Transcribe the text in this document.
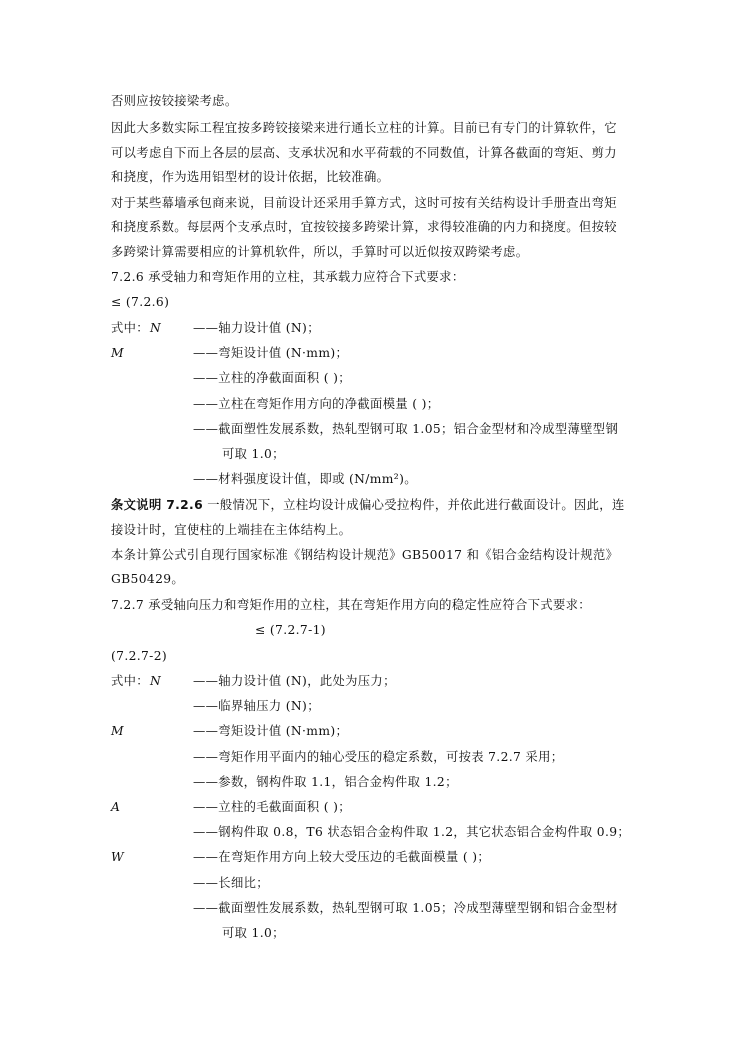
否则应按铰接梁考虑。
因此大多数实际工程宜按多跨铰接梁来进行通长立柱的计算。目前已有专门的计算软件，它
可以考虑自下而上各层的层高、支承状况和水平荷载的不同数值，计算各截面的弯矩、剪力
和挠度，作为选用铝型材的设计依据，比较准确。
对于某些幕墙承包商来说，目前设计还采用手算方式，这时可按有关结构设计手册查出弯矩
和挠度系数。每层两个支承点时，宜按铰接多跨梁计算，求得较准确的内力和挠度。但按较
多跨梁计算需要相应的计算机软件，所以，手算时可以近似按双跨梁考虑。
7.2.6 承受轴力和弯矩作用的立柱，其承载力应符合下式要求：
≤ (7.2.6)
式中： N	——轴力设计值 (N)；
M	——弯矩设计值 (N·mm)；
——立柱的净截面面积 ( )；
——立柱在弯矩作用方向的净截面模量 ( )；
——截面塑性发展系数，热轧型钢可取 1.05；铝合金型材和冷成型薄壁型钢
可取 1.0；
——材料强度设计值，即或 (N/mm²)。
条文说明 7.2.6 一般情况下，立柱均设计成偏心受拉构件，并依此进行截面设计。因此，连
接设计时，宜使柱的上端挂在主体结构上。
本条计算公式引自现行国家标准《钢结构设计规范》GB50017 和《铝合金结构设计规范》
GB50429。
7.2.7 承受轴向压力和弯矩作用的立柱，其在弯矩作用方向的稳定性应符合下式要求：
≤ (7.2.7-1)
(7.2.7-2)
式中： N	——轴力设计值 (N)，此处为压力；
——临界轴压力 (N)；
M	——弯矩设计值 (N·mm)；
——弯矩作用平面内的轴心受压的稳定系数，可按表 7.2.7 采用；
——参数，钢构件取 1.1，铝合金构件取 1.2；
A	——立柱的毛截面面积 ( )；
——钢构件取 0.8，T6 状态铝合金构件取 1.2，其它状态铝合金构件取 0.9；
W	——在弯矩作用方向上较大受压边的毛截面模量 ( )；
——长细比；
——截面塑性发展系数，热轧型钢可取 1.05；冷成型薄壁型钢和铝合金型材
可取 1.0；
